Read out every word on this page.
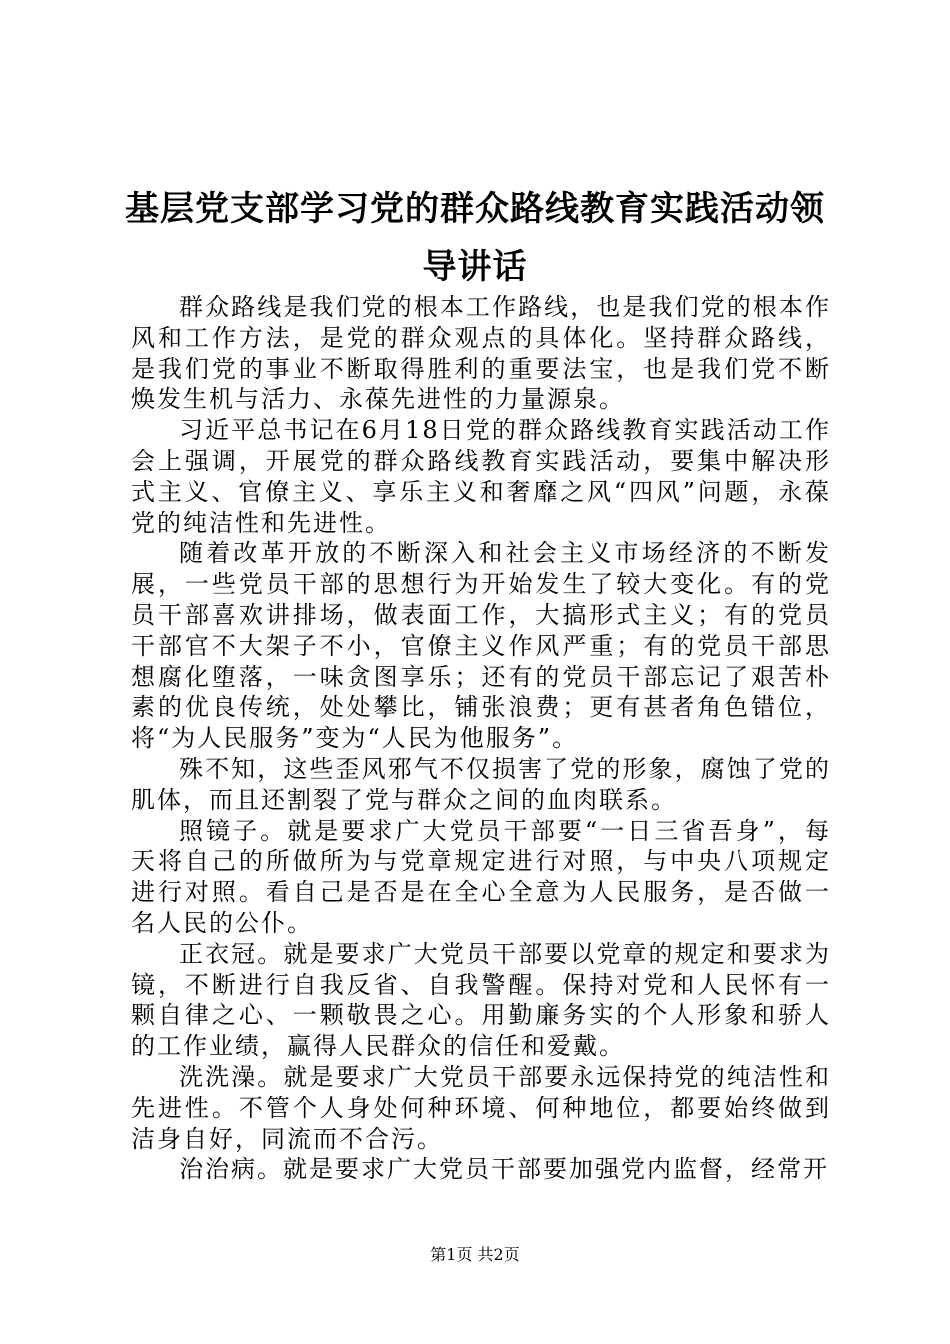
基层党支部学习党的群众路线教育实践活动领导讲话

群众路线是我们党的根本工作路线，也是我们党的根本作风和工作方法，是党的群众观点的具体化。坚持群众路线，是我们党的事业不断取得胜利的重要法宝，也是我们党不断焕发生机与活力、永葆先进性的力量源泉。

习近平总书记在6月18日党的群众路线教育实践活动工作会上强调，开展党的群众路线教育实践活动，要集中解决形式主义、官僚主义、享乐主义和奢靡之风“四风”问题，永葆党的纯洁性和先进性。

随着改革开放的不断深入和社会主义市场经济的不断发展，一些党员干部的思想行为开始发生了较大变化。有的党员干部喜欢讲排场，做表面工作，大搞形式主义；有的党员干部官不大架子不小，官僚主义作风严重；有的党员干部思想腐化堕落，一味贪图享乐；还有的党员干部忘记了艰苦朴素的优良传统，处处攀比，铺张浪费；更有甚者角色错位，将“为人民服务”变为“人民为他服务”。

殊不知，这些歪风邪气不仅损害了党的形象，腐蚀了党的肌体，而且还割裂了党与群众之间的血肉联系。

照镜子。就是要求广大党员干部要“一日三省吾身”，每天将自己的所做所为与党章规定进行对照，与中央八项规定进行对照。看自己是否是在全心全意为人民服务，是否做一名人民的公仆。

正衣冠。就是要求广大党员干部要以党章的规定和要求为镜，不断进行自我反省、自我警醒。保持对党和人民怀有一颗自律之心、一颗敬畏之心。用勤廉务实的个人形象和骄人的工作业绩，赢得人民群众的信任和爱戴。

洗洗澡。就是要求广大党员干部要永远保持党的纯洁性和先进性。不管个人身处何种环境、何种地位，都要始终做到洁身自好，同流而不合污。

治治病。就是要求广大党员干部要加强党内监督，经常开

第1页 共2页
